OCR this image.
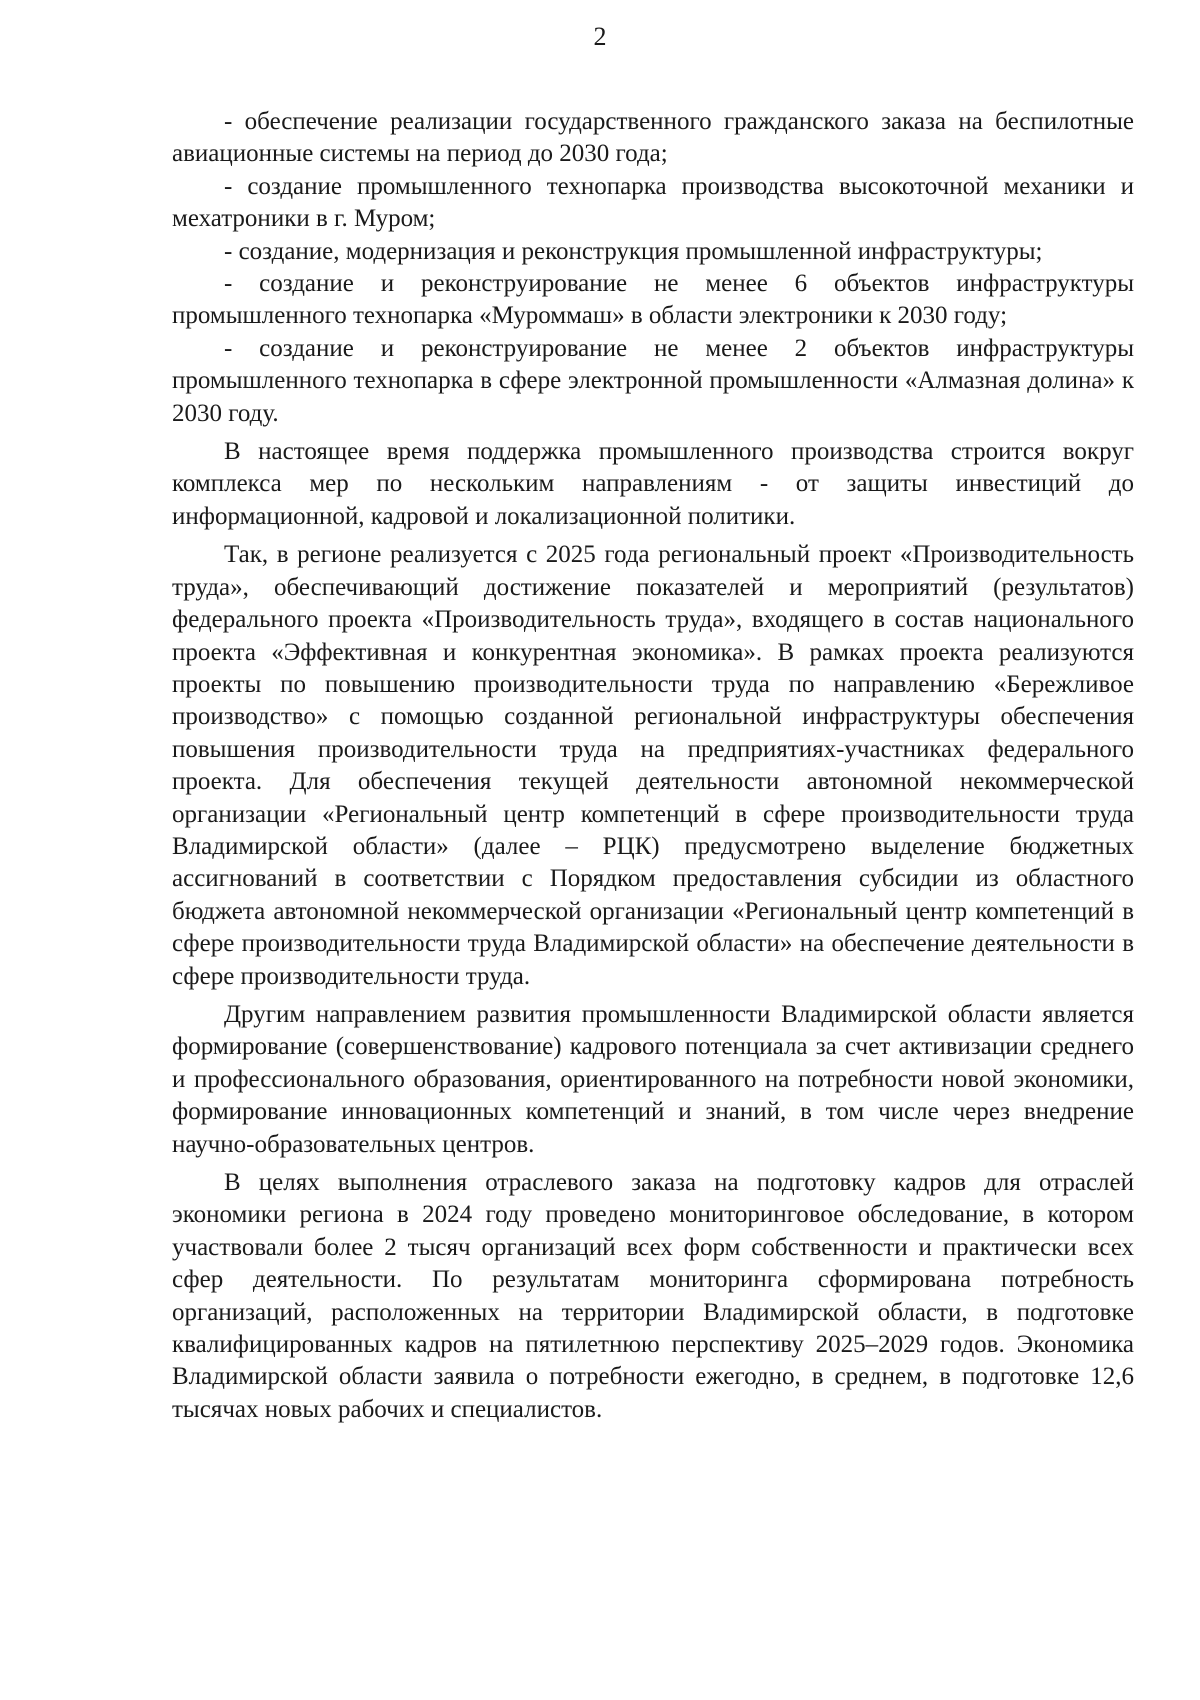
2

- обеспечение реализации государственного гражданского заказа на беспилотные авиационные системы на период до 2030 года;

- создание промышленного технопарка производства высокоточной механики и мехатроники в г. Муром;

- создание, модернизация и реконструкция промышленной инфраструктуры;

- создание и реконструирование не менее 6 объектов инфраструктуры промышленного технопарка «Муроммаш» в области электроники к 2030 году;

- создание и реконструирование не менее 2 объектов инфраструктуры промышленного технопарка в сфере электронной промышленности «Алмазная долина» к 2030 году.

В настоящее время поддержка промышленного производства строится вокруг комплекса мер по нескольким направлениям - от защиты инвестиций до информационной, кадровой и локализационной политики.

Так, в регионе реализуется с 2025 года региональный проект «Производительность труда», обеспечивающий достижение показателей и мероприятий (результатов) федерального проекта «Производительность труда», входящего в состав национального проекта «Эффективная и конкурентная экономика». В рамках проекта реализуются проекты по повышению производительности труда по направлению «Бережливое производство» с помощью созданной региональной инфраструктуры обеспечения повышения производительности труда на предприятиях-участниках федерального проекта. Для обеспечения текущей деятельности автономной некоммерческой организации «Региональный центр компетенций в сфере производительности труда Владимирской области» (далее – РЦК) предусмотрено выделение бюджетных ассигнований в соответствии с Порядком предоставления субсидии из областного бюджета автономной некоммерческой организации «Региональный центр компетенций в сфере производительности труда Владимирской области» на обеспечение деятельности в сфере производительности труда.

Другим направлением развития промышленности Владимирской области является формирование (совершенствование) кадрового потенциала за счет активизации среднего и профессионального образования, ориентированного на потребности новой экономики, формирование инновационных компетенций и знаний, в том числе через внедрение научно-образовательных центров.

В целях выполнения отраслевого заказа на подготовку кадров для отраслей экономики региона в 2024 году проведено мониторинговое обследование, в котором участвовали более 2 тысяч организаций всех форм собственности и практически всех сфер деятельности. По результатам мониторинга сформирована потребность организаций, расположенных на территории Владимирской области, в подготовке квалифицированных кадров на пятилетнюю перспективу 2025–2029 годов. Экономика Владимирской области заявила о потребности ежегодно, в среднем, в подготовке 12,6 тысячах новых рабочих и специалистов.
